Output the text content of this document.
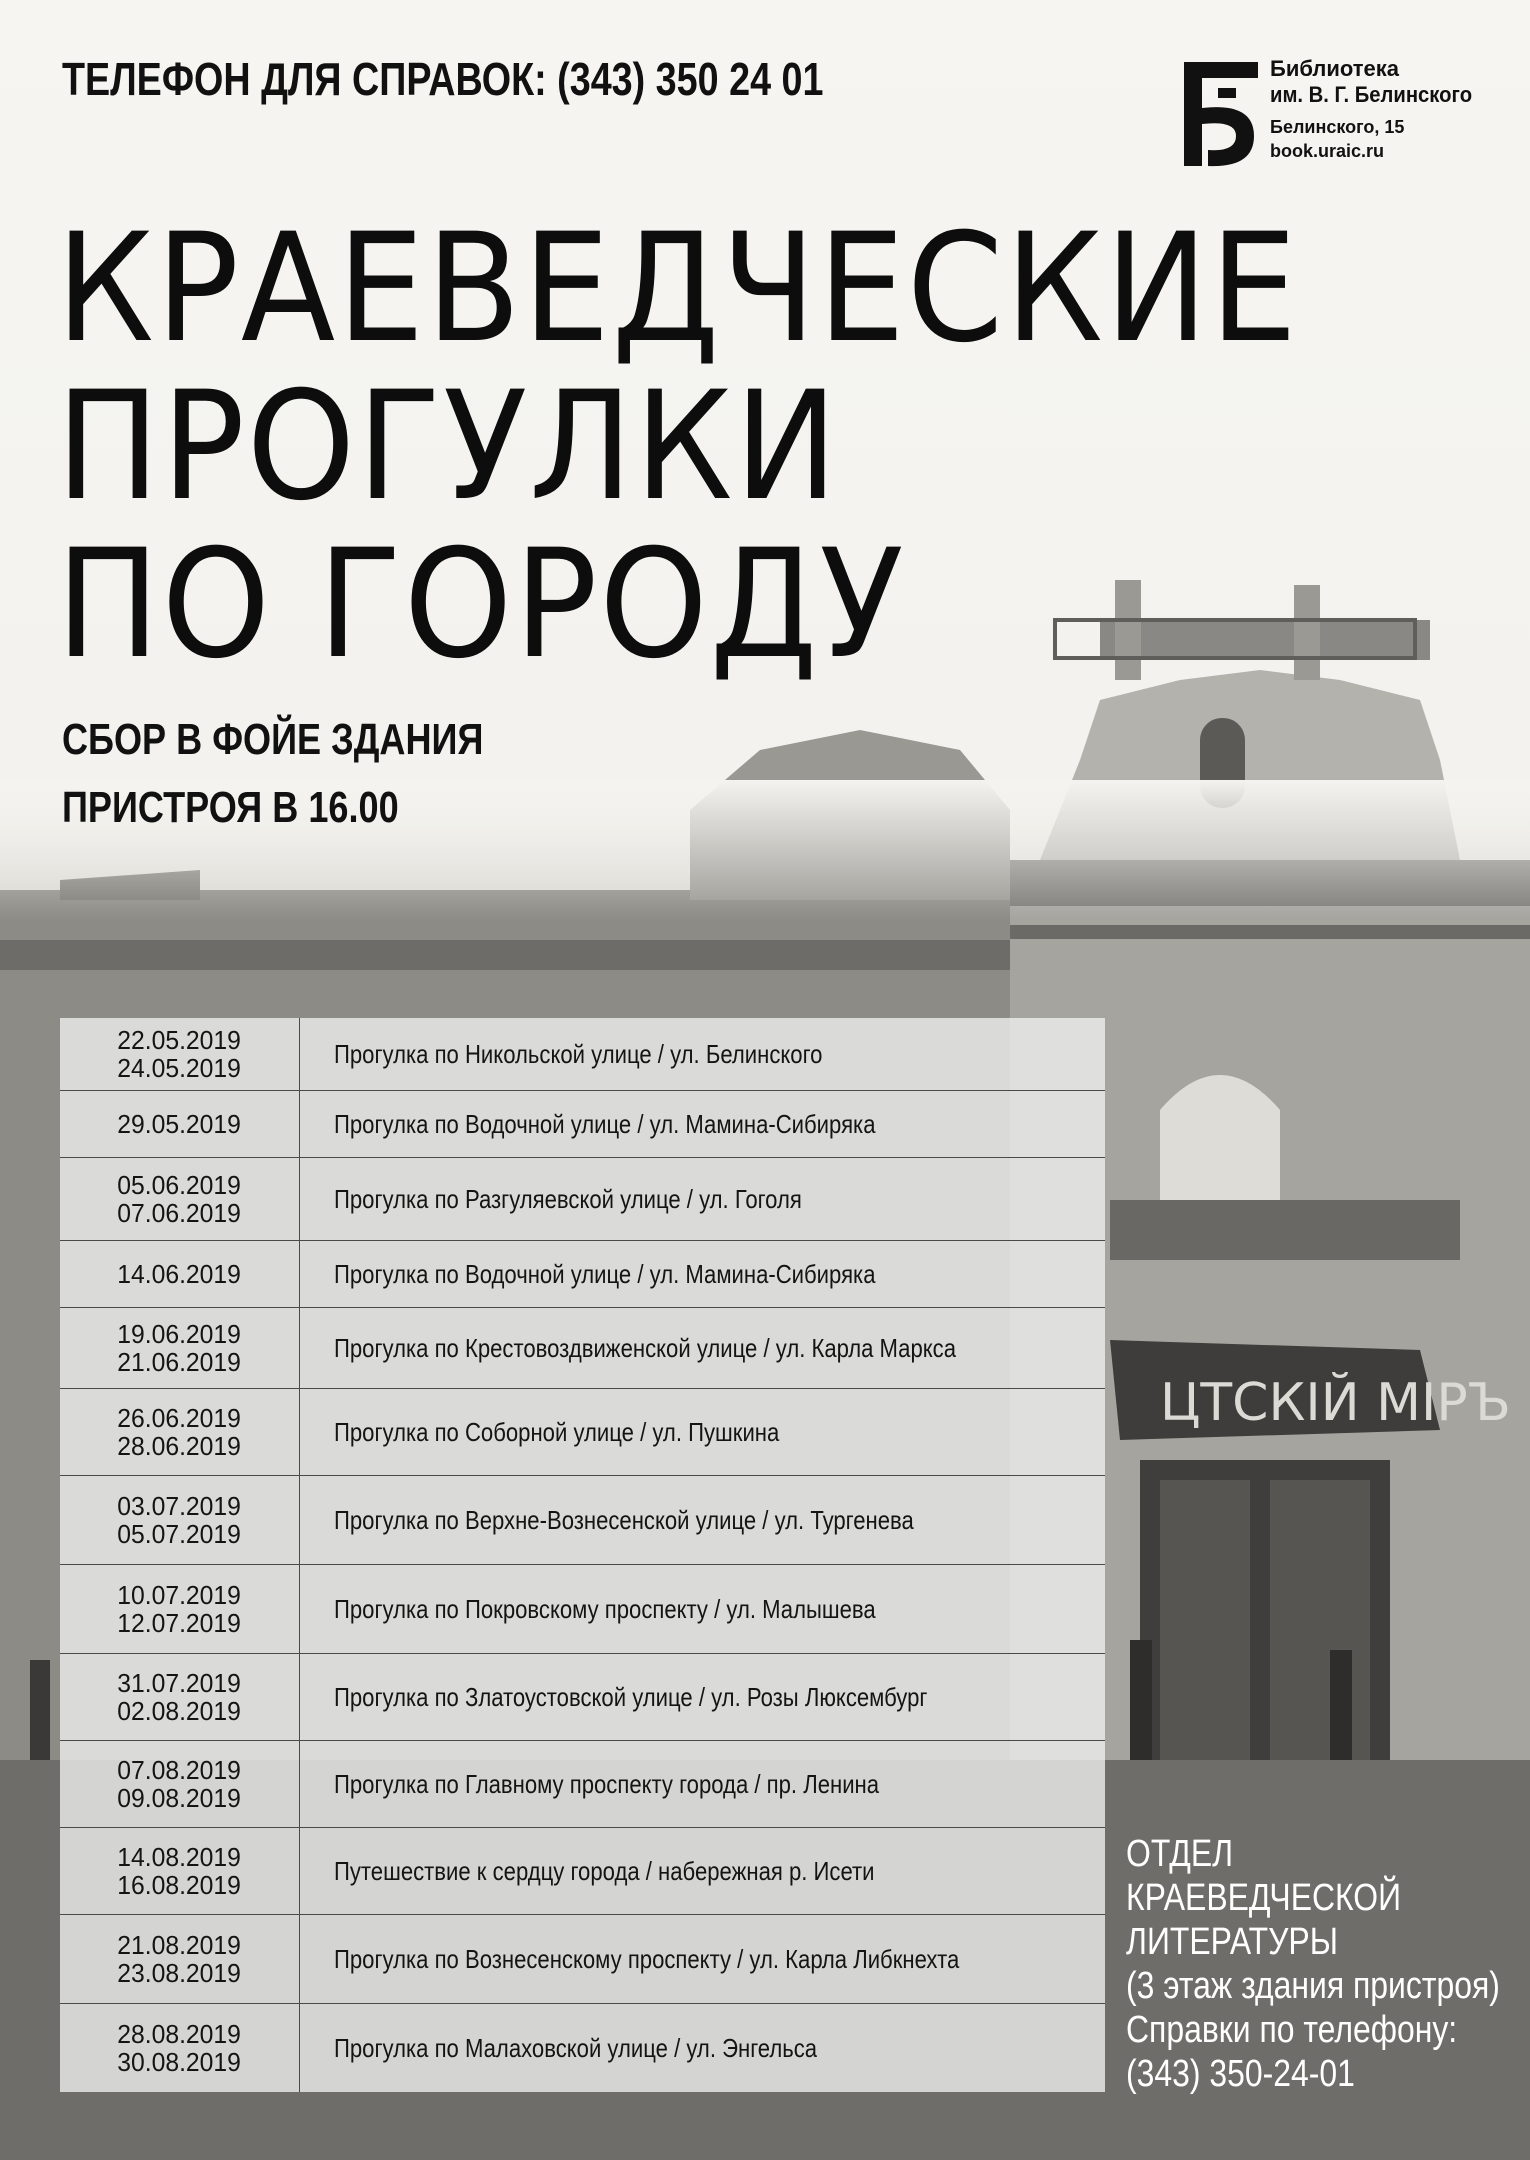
ЦТСКIЙ МIРЪ
ТЕЛЕФОН ДЛЯ СПРАВОК: (343) 350 24 01	Библиотека
им. В. Г. Белинского
Белинского, 15
book.uraic.ru
КРАЕВЕДЧЕСКИЕ
ПРОГУЛКИ
ПО ГОРОДУ
СБОР В ФОЙЕ ЗДАНИЯ
ПРИСТРОЯ В 16.00
22.05.2019
24.05.2019	Прогулка по Никольской улице / ул. Белинского
29.05.2019	Прогулка по Водочной улице / ул. Мамина-Сибиряка
05.06.2019
07.06.2019	Прогулка по Разгуляевской улице / ул. Гоголя
14.06.2019	Прогулка по Водочной улице / ул. Мамина-Сибиряка
19.06.2019
21.06.2019	Прогулка по Крестовоздвиженской улице / ул. Карла Маркса
26.06.2019
28.06.2019	Прогулка по Соборной улице / ул. Пушкина
03.07.2019
05.07.2019	Прогулка по Верхне-Вознесенской улице / ул. Тургенева
10.07.2019
12.07.2019	Прогулка по Покровскому проспекту / ул. Малышева
31.07.2019
02.08.2019	Прогулка по Златоустовской улице / ул. Розы Люксембург
07.08.2019
09.08.2019	Прогулка по Главному проспекту города / пр. Ленина
14.08.2019
16.08.2019	Путешествие к сердцу города / набережная р. Исети
21.08.2019
23.08.2019	Прогулка по Вознесенскому проспекту / ул. Карла Либкнехта
28.08.2019
30.08.2019	Прогулка по Малаховской улице / ул. Энгельса
ОТДЕЛ
КРАЕВЕДЧЕСКОЙ
ЛИТЕРАТУРЫ
(3 этаж здания пристроя)
Справки по телефону:
(343) 350-24-01
